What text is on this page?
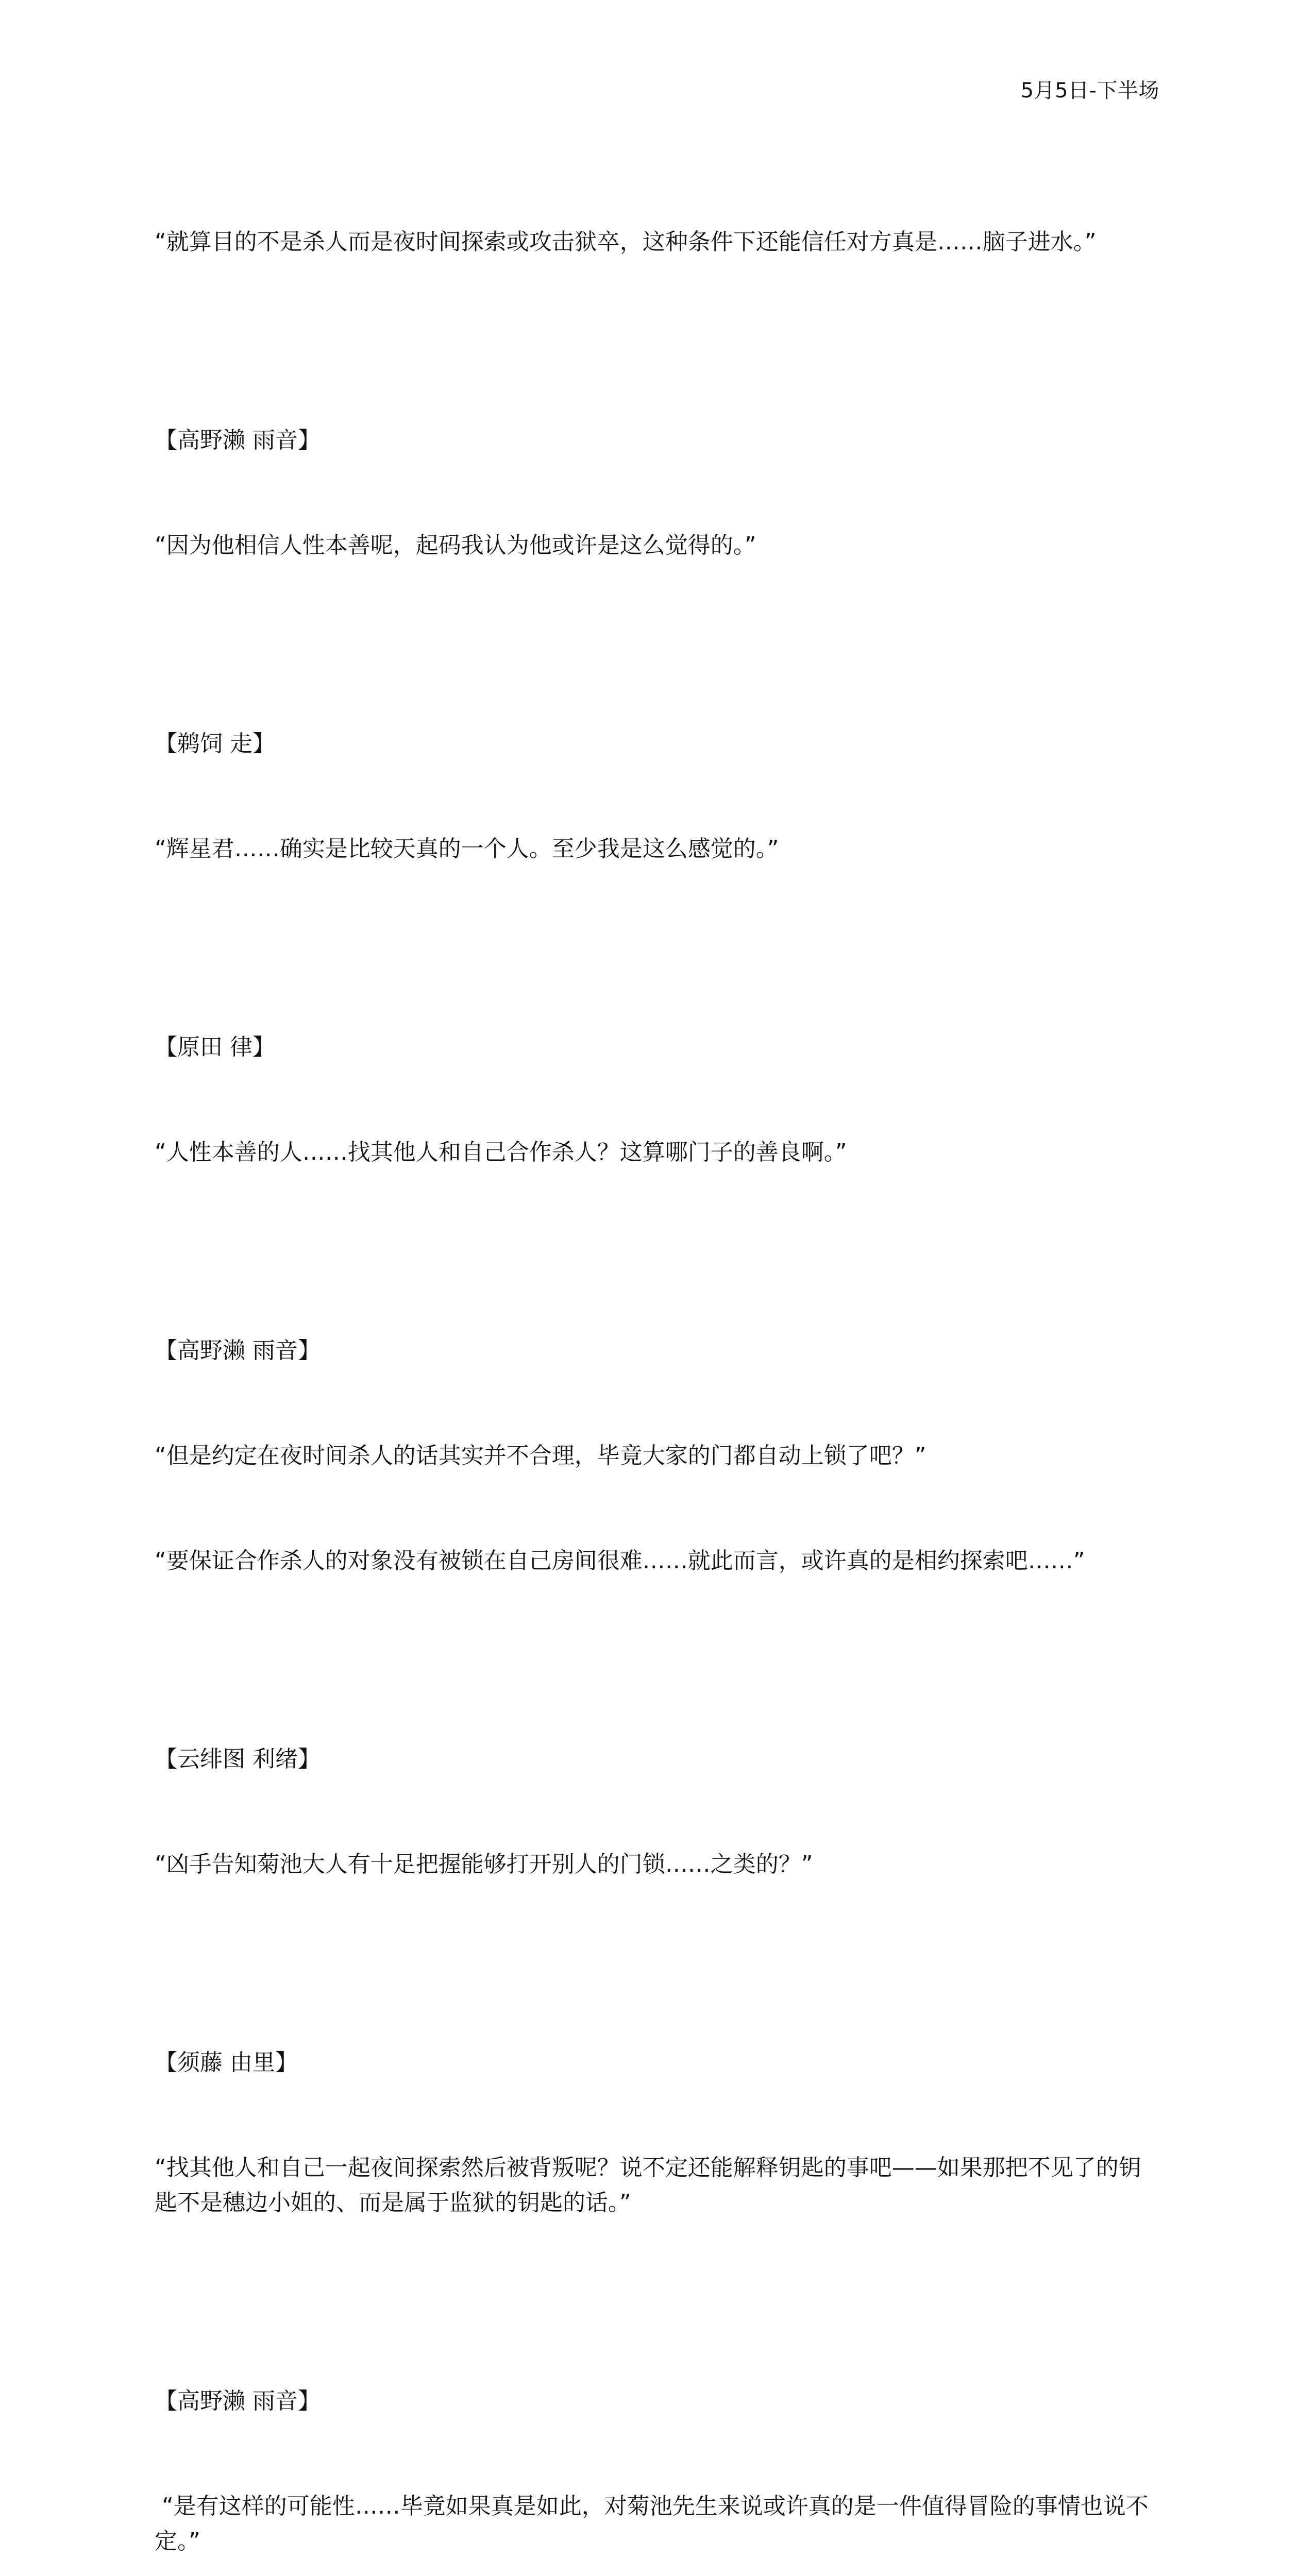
5月5日-下半场

“就算目的不是杀人而是夜时间探索或攻击狱卒，这种条件下还能信任对方真是……脑子进水。”

【高野濑 雨音】

“因为他相信人性本善呢，起码我认为他或许是这么觉得的。”

【鹈饲 走】

“辉星君……确实是比较天真的一个人。至少我是这么感觉的。”

【原田 律】

“人性本善的人……找其他人和自己合作杀人？这算哪门子的善良啊。”

【高野濑 雨音】

“但是约定在夜时间杀人的话其实并不合理，毕竟大家的门都自动上锁了吧？”

“要保证合作杀人的对象没有被锁在自己房间很难……就此而言，或许真的是相约探索吧……”

【云绯图 利绪】

“凶手告知菊池大人有十足把握能够打开别人的门锁……之类的？”

【须藤 由里】

“找其他人和自己一起夜间探索然后被背叛呢？说不定还能解释钥匙的事吧——如果那把不见了的钥匙不是穗边小姐的、而是属于监狱的钥匙的话。”

【高野濑 雨音】

“是有这样的可能性……毕竟如果真是如此，对菊池先生来说或许真的是一件值得冒险的事情也说不定。”
